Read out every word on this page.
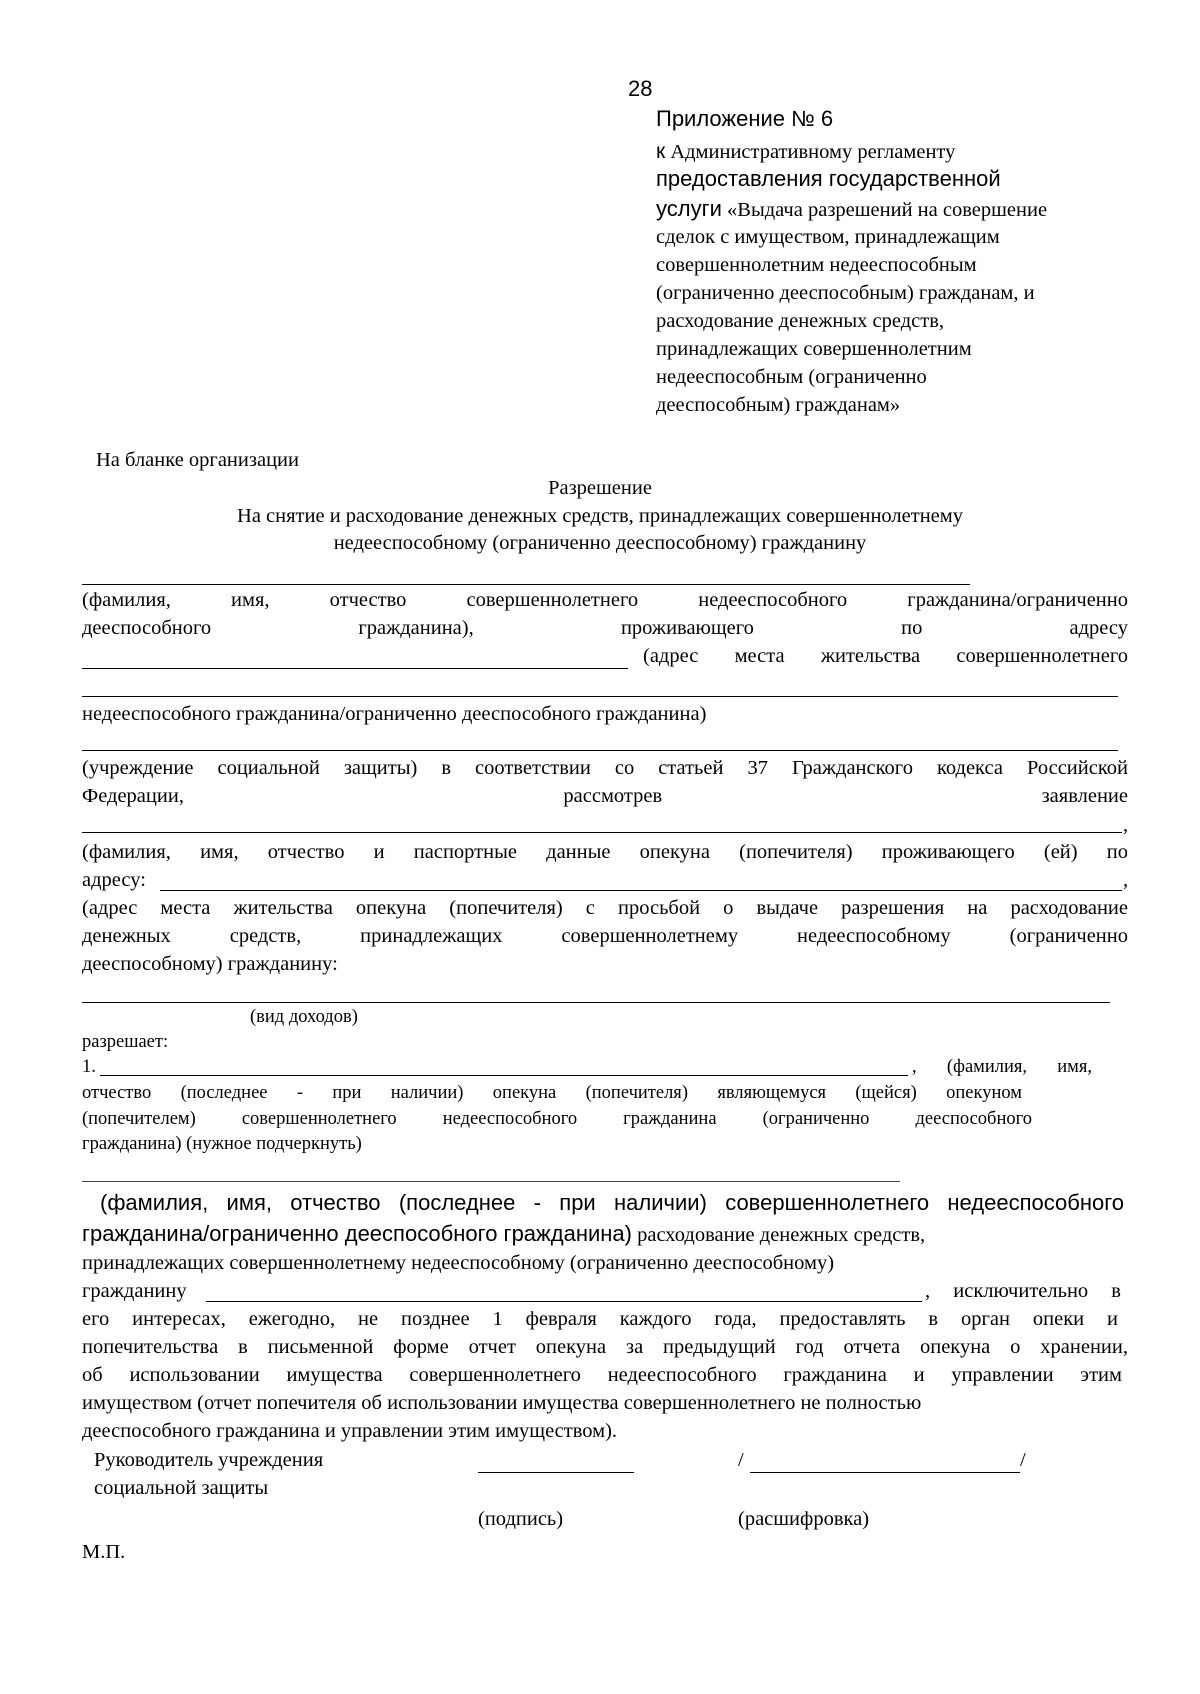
28
Приложение № 6
к Административному регламенту
предоставления государственной
услуги «Выдача разрешений на совершение
сделок с имуществом, принадлежащим
совершеннолетним недееспособным
(ограниченно дееспособным) гражданам, и
расходование денежных средств,
принадлежащих совершеннолетним
недееспособным (ограниченно
дееспособным) гражданам»
На бланке организации
Разрешение
На снятие и расходование денежных средств, принадлежащих совершеннолетнему
недееспособному (ограниченно дееспособному) гражданину
(фамилия, имя, отчество совершеннолетнего недееспособного гражданина/ограниченно
дееспособного гражданина), проживающего по адресу
(адрес места жительства совершеннолетнего
недееспособного гражданина/ограниченно дееспособного гражданина)
(учреждение социальной защиты) в соответствии со статьей 37 Гражданского кодекса Российской
Федерации, рассмотрев заявление
,
(фамилия, имя, отчество и паспортные данные опекуна (попечителя) проживающего (ей) по
адресу:	,
(адрес места жительства опекуна (попечителя) с просьбой о выдаче разрешения на расходование
денежных средств, принадлежащих совершеннолетнему недееспособному (ограниченно
дееспособному) гражданину:
(вид доходов)
разрешает:
1.	, (фамилия, имя,
отчество (последнее - при наличии) опекуна (попечителя) являющемуся (щейся) опекуном
(попечителем) совершеннолетнего недееспособного гражданина (ограниченно дееспособного
гражданина) (нужное подчеркнуть)
(фамилия, имя, отчество (последнее - при наличии) совершеннолетнего недееспособного
гражданина/ограниченно дееспособного гражданина) расходование денежных средств,
принадлежащих совершеннолетнему недееспособному (ограниченно дееспособному)
гражданину	, исключительно в
его интересах, ежегодно, не позднее 1 февраля каждого года, предоставлять в орган опеки и
попечительства в письменной форме отчет опекуна за предыдущий год отчета опекуна о хранении,
об использовании имущества совершеннолетнего недееспособного гражданина и управлении этим
имуществом (отчет попечителя об использовании имущества совершеннолетнего не полностью
дееспособного гражданина и управлении этим имуществом).
Руководитель учреждения
социальной защиты
/	/
(подпись)	(расшифровка)
М.П.
